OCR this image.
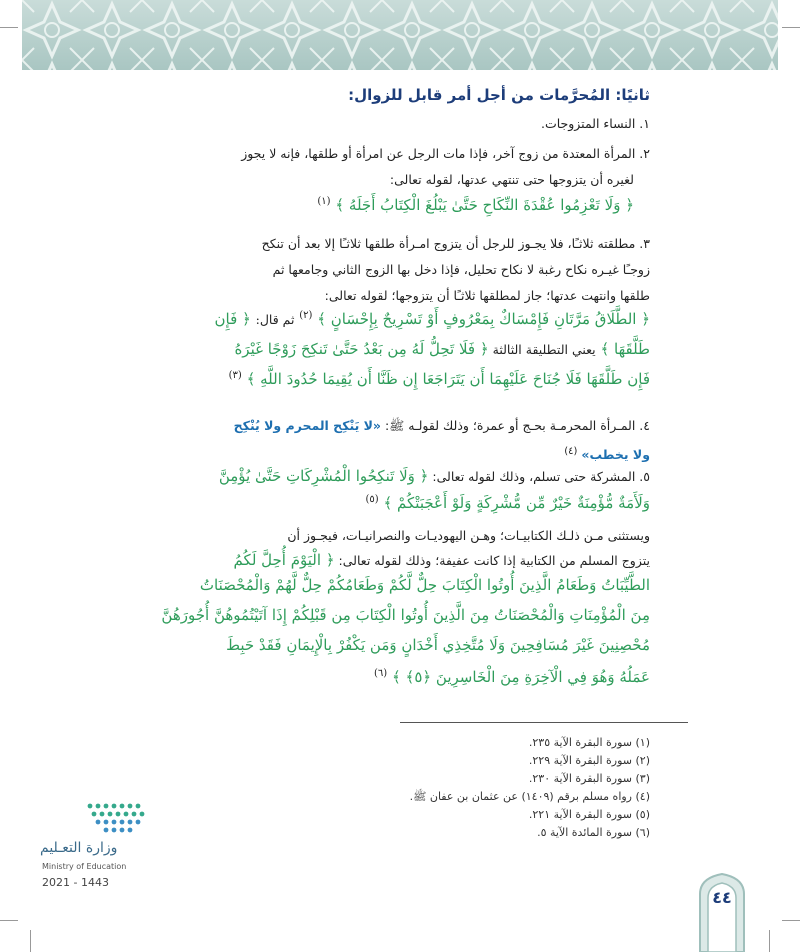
ثانيًا: المُحرَّمات من أجل أمر قابل للزوال:
١. النساء المتزوجات.
٢. المرأة المعتدة من زوج آخر، فإذا مات الرجل عن امرأة أو طلقها، فإنه لا يجوز
لغيره أن يتزوجها حتى تنتهي عدتها، لقوله تعالى:
﴿ وَلَا تَعْزِمُوا عُقْدَةَ النِّكَاحِ حَتَّىٰ يَبْلُغَ الْكِتَابُ أَجَلَهُ ﴾ $^{(١)}$
٣. مطلقته ثلاثـًا، فلا يجـوز للرجل أن يتزوج امـرأة طلقها ثلاثـًا إلا بعد أن تنكح
زوجـًا غيـره نكاح رغبة لا نكاح تحليل، فإذا دخل بها الزوج الثاني وجامعها ثم
طلقها وانتهت عدتها؛ جاز لمطلقها ثلاثـًا أن يتزوجها؛ لقوله تعالى:
﴿ الطَّلَاقُ مَرَّتَانِ فَإِمْسَاكٌ بِمَعْرُوفٍ أَوْ تَسْرِيحٌ بِإِحْسَانٍ ﴾ $^{(٢)}$ ثم قال: ﴿ فَإِن
طَلَّقَهَا ﴾ يعني التطليقة الثالثة ﴿ فَلَا تَحِلُّ لَهُ مِن بَعْدُ حَتَّىٰ تَنكِحَ زَوْجًا غَيْرَهُ
فَإِن طَلَّقَهَا فَلَا جُنَاحَ عَلَيْهِمَا أَن يَتَرَاجَعَا إِن ظَنَّا أَن يُقِيمَا حُدُودَ اللَّهِ ﴾ $^{(٣)}$
٤. المـرأة المحرمـة بحـج أو عمرة؛ وذلك لقولـه ﷺ: «لا يَنْكِح المحرم ولا يُنْكِح
ولا يخطب» $^{(٤)}$
٥. المشركة حتى تسلم، وذلك لقوله تعالى: ﴿ وَلَا تَنكِحُوا الْمُشْرِكَاتِ حَتَّىٰ يُؤْمِنَّ
وَلَأَمَةٌ مُّؤْمِنَةٌ خَيْرٌ مِّن مُّشْرِكَةٍ وَلَوْ أَعْجَبَتْكُمْ ﴾ $^{(٥)}$
ويستثنى مـن ذلـك الكتابيـات؛ وهـن اليهوديـات والنصرانيـات، فيجـوز أن
يتزوج المسلم من الكتابية إذا كانت عفيفة؛ وذلك لقوله تعالى: ﴿ الْيَوْمَ أُحِلَّ لَكُمُ
الطَّيِّبَاتُ وَطَعَامُ الَّذِينَ أُوتُوا الْكِتَابَ حِلٌّ لَّكُمْ وَطَعَامُكُمْ حِلٌّ لَّهُمْ وَالْمُحْصَنَاتُ
مِنَ الْمُؤْمِنَاتِ وَالْمُحْصَنَاتُ مِنَ الَّذِينَ أُوتُوا الْكِتَابَ مِن قَبْلِكُمْ إِذَا آتَيْتُمُوهُنَّ أُجُورَهُنَّ
مُحْصِنِينَ غَيْرَ مُسَافِحِينَ وَلَا مُتَّخِذِي أَخْدَانٍ وَمَن يَكْفُرْ بِالْإِيمَانِ فَقَدْ حَبِطَ
عَمَلُهُ وَهُوَ فِي الْآخِرَةِ مِنَ الْخَاسِرِينَ ﴿٥﴾ ﴾ $^{(٦)}$
(١) سورة البقرة الآية ٢٣٥.
(٢) سورة البقرة الآية ٢٢٩.
(٣) سورة البقرة الآية ٢٣٠.
(٤) رواه مسلم برقم (١٤٠٩) عن عثمان بن عفان ﷺ.
(٥) سورة البقرة الآية ٢٢١.
(٦) سورة المائدة الآية ٥.
وزارة التعـليم
Ministry of Education
2021 - 1443
٤٤
